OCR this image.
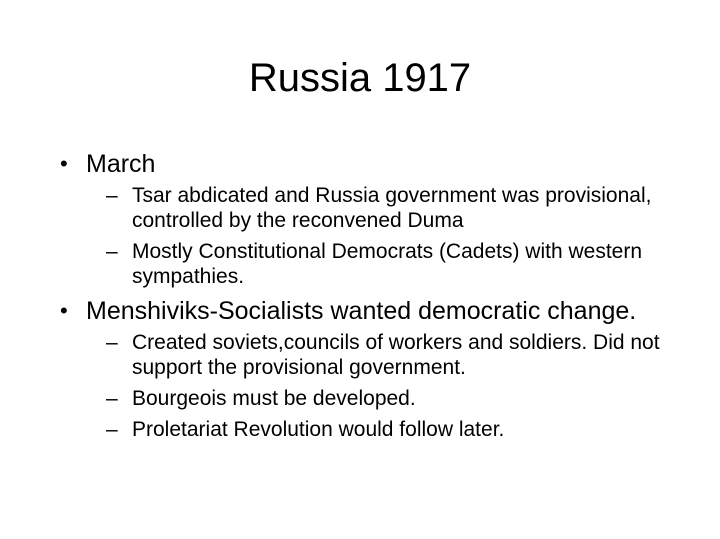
Russia 1917
• March
– Tsar abdicated and Russia government was provisional, controlled by the reconvened Duma
– Mostly Constitutional Democrats (Cadets) with western sympathies.
• Menshiviks-Socialists wanted democratic change.
– Created soviets,councils of workers and soldiers. Did not support the provisional government.
– Bourgeois must be developed.
– Proletariat Revolution would follow later.
